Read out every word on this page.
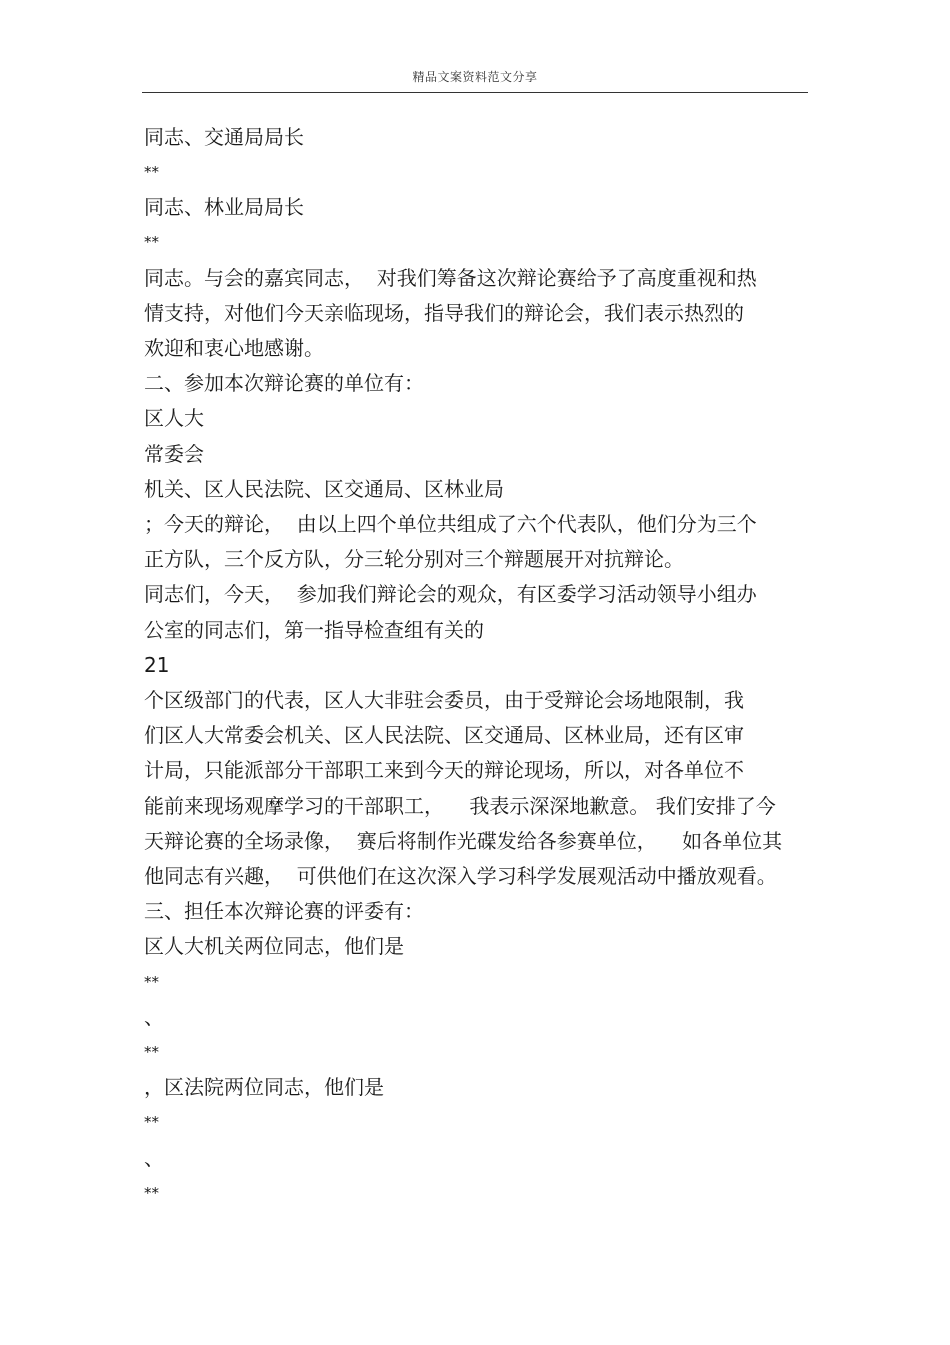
精品文案资料范文分享
同志、交通局局长
**
同志、林业局局长
**
同志。与会的嘉宾同志，  对我们筹备这次辩论赛给予了高度重视和热
情支持，对他们今天亲临现场，指导我们的辩论会，我们表示热烈的
欢迎和衷心地感谢。
二、参加本次辩论赛的单位有：
区人大
常委会
机关、区人民法院、区交通局、区林业局
；今天的辩论，  由以上四个单位共组成了六个代表队，他们分为三个
正方队，三个反方队，分三轮分别对三个辩题展开对抗辩论。
同志们，今天，  参加我们辩论会的观众，有区委学习活动领导小组办
公室的同志们，第一指导检查组有关的
21
个区级部门的代表，区人大非驻会委员，由于受辩论会场地限制，我
们区人大常委会机关、区人民法院、区交通局、区林业局，还有区审
计局，只能派部分干部职工来到今天的辩论现场，所以，对各单位不
能前来现场观摩学习的干部职工，    我表示深深地歉意。 我们安排了今
天辩论赛的全场录像，  赛后将制作光碟发给各参赛单位，    如各单位其
他同志有兴趣，  可供他们在这次深入学习科学发展观活动中播放观看。
三、担任本次辩论赛的评委有：
区人大机关两位同志，他们是
**
、
**
，区法院两位同志，他们是
**
、
**
